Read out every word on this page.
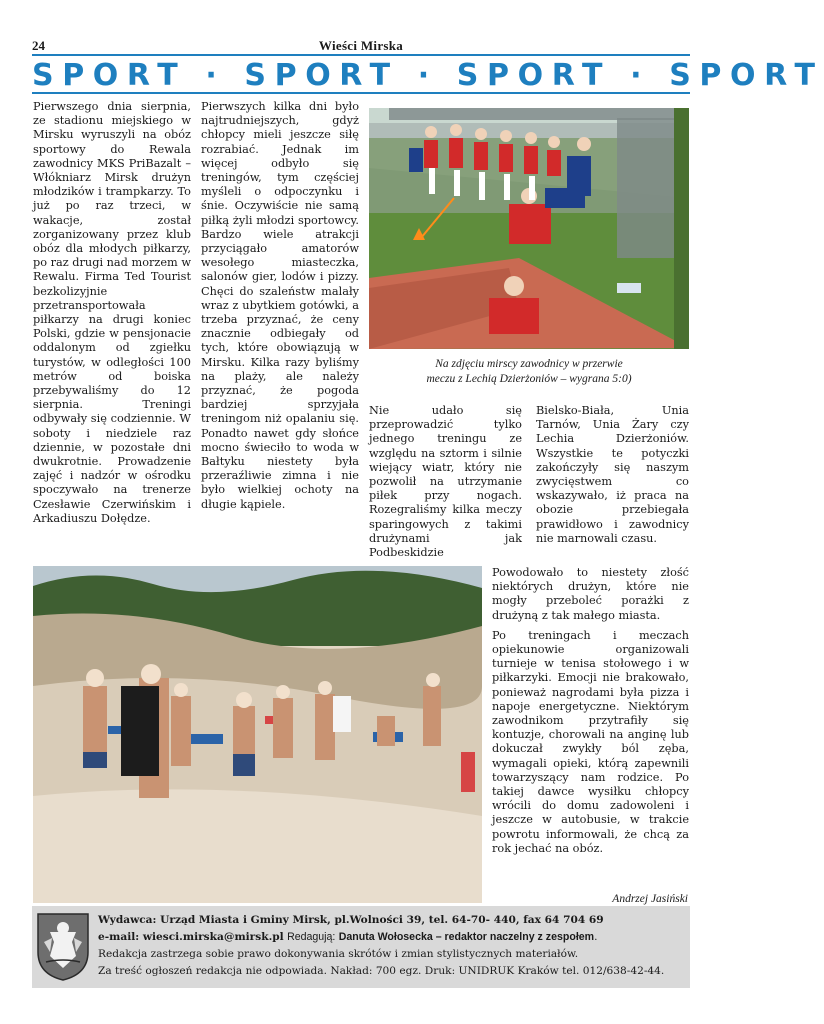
24	Wieści Mirska
SPORT · SPORT · SPORT · SPORT

Pierwszego dnia sierpnia, ze stadionu miejskiego w Mirsku wyruszyli na obóz sportowy do Rewala zawodnicy MKS PriBazalt – Włókniarz Mirsk drużyn młodzików i trampkarzy. To już po raz trzeci, w wakacje, został zorganizowany przez klub obóz dla młodych piłkarzy, po raz drugi nad morzem w Rewalu. Firma Ted Tourist bezkolizyjnie przetransportowała piłkarzy na drugi koniec Polski, gdzie w pensjonacie oddalonym od zgiełku turystów, w odległości 100 metrów od boiska przebywaliśmy do 12 sierpnia. Treningi odbywały się codziennie. W soboty i niedziele raz dziennie, w pozostałe dni dwukrotnie. Prowadzenie zajęć i nadzór w ośrodku spoczywało na trenerze Czesławie Czerwińskim i Arkadiuszu Dołędze.

Pierwszych kilka dni było najtrudniejszych, gdyż chłopcy mieli jeszcze siłę rozrabiać. Jednak im więcej odbyło się treningów, tym częściej myśleli o odpoczynku i śnie. Oczywiście nie samą piłką żyli młodzi sportowcy. Bardzo wiele atrakcji przyciągało amatorów wesołego miasteczka, salonów gier, lodów i pizzy. Chęci do szaleństw malały wraz z ubytkiem gotówki, a trzeba przyznać, że ceny znacznie odbiegały od tych, które obowiązują w Mirsku. Kilka razy byliśmy na plaży, ale należy przyznać, że pogoda bardziej sprzyjała treningom niż opalaniu się. Ponadto nawet gdy słońce mocno świeciło to woda w Bałtyku niestety była przeraźliwie zimna i nie było wielkiej ochoty na długie kąpiele.

Na zdjęciu mirscy zawodnicy w przerwie
meczu z Lechią Dzierżoniów – wygrana 5:0)

Nie udało się przeprowadzić tylko jednego treningu ze względu na sztorm i silnie wiejący wiatr, który nie pozwolił na utrzymanie piłek przy nogach. Rozegraliśmy kilka meczy sparingowych z takimi drużynami jak Podbeskidzie

Bielsko-Biała, Unia Tarnów, Unia Żary czy Lechia Dzierżoniów. Wszystkie te potyczki zakończyły się naszym zwycięstwem co wskazywało, iż praca na obozie przebiegała prawidłowo i zawodnicy nie marnowali czasu.

Powodowało to niestety złość niektórych drużyn, które nie mogły przeboleć porażki z drużyną z tak małego miasta.

Po treningach i meczach opiekunowie organizowali turnieje w tenisa stołowego i w piłkarzyki. Emocji nie brakowało, ponieważ nagrodami była pizza i napoje energetyczne. Niektórym zawodnikom przytrafiły się kontuzje, chorowali na anginę lub dokuczał zwykły ból zęba, wymagali opieki, którą zapewnili towarzyszący nam rodzice. Po takiej dawce wysiłku chłopcy wrócili do domu zadowoleni i jeszcze w autobusie, w trakcie powrotu informowali, że chcą za rok jechać na obóz.

Andrzej Jasiński
Wydawca: Urząd Miasta i Gminy Mirsk, pl.Wolności 39, tel. 64-70- 440, fax 64 704 69
e-mail: wiesci.mirska@mirsk.pl Redagują: Danuta Wołosecka – redaktor naczelny z zespołem.
Redakcja zastrzega sobie prawo dokonywania skrótów i zmian stylistycznych materiałów.
Za treść ogłoszeń redakcja nie odpowiada. Nakład: 700 egz. Druk: UNIDRUK Kraków tel. 012/638-42-44.
